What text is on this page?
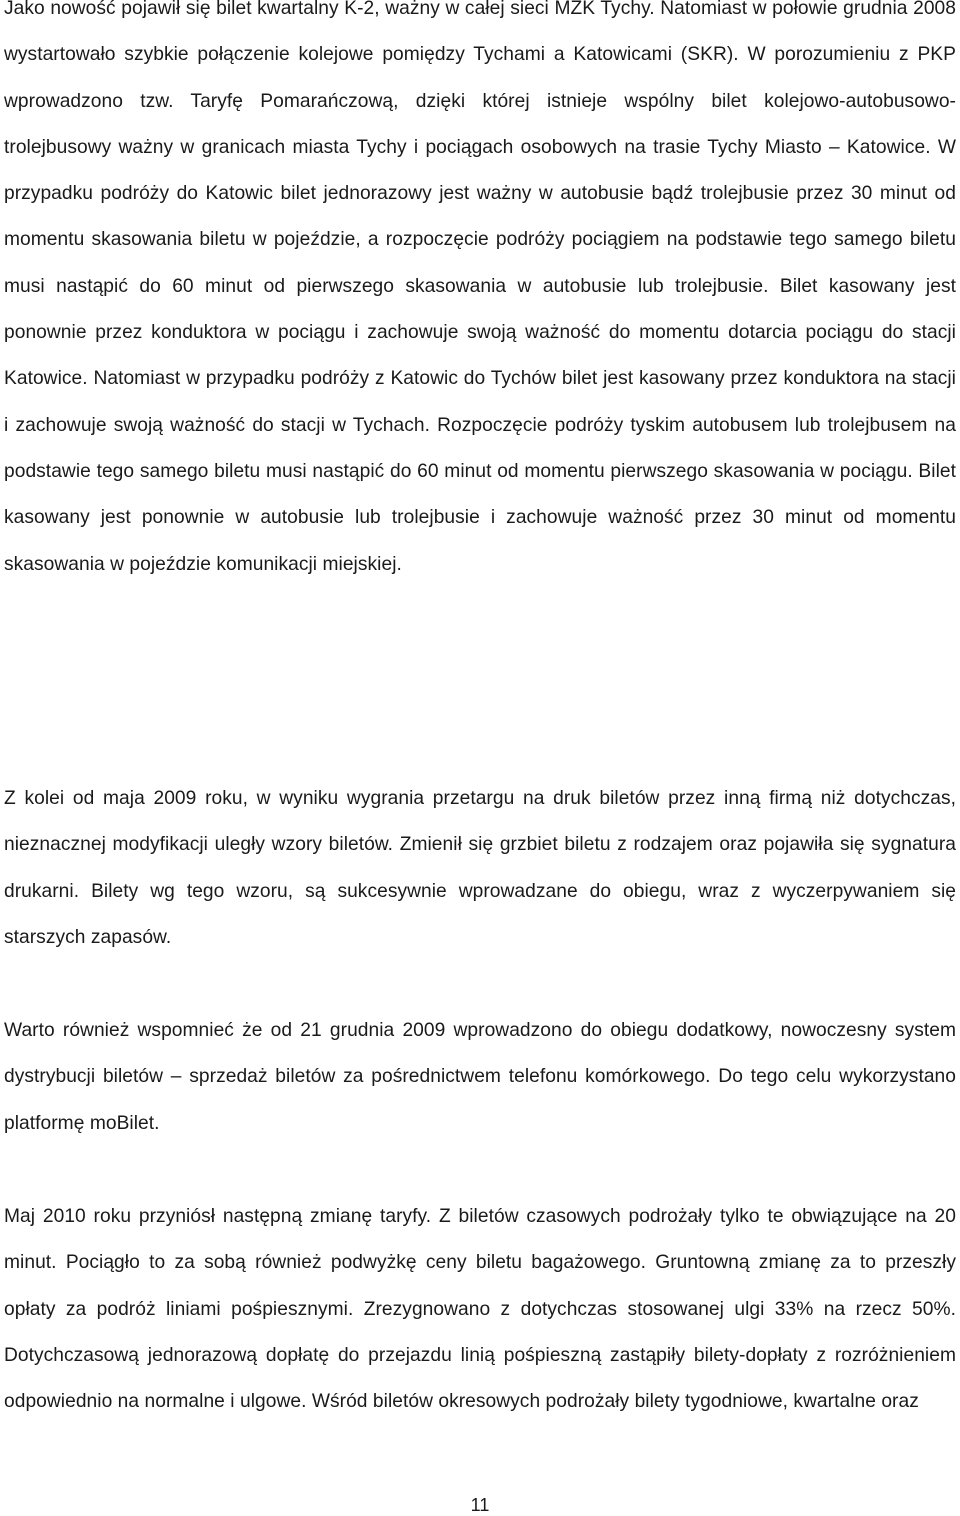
Jako nowość pojawił się bilet kwartalny K-2, ważny w całej sieci MZK Tychy. Natomiast w połowie grudnia 2008 wystartowało szybkie połączenie kolejowe pomiędzy Tychami a Katowicami (SKR). W porozumieniu z PKP wprowadzono tzw. Taryfę Pomarańczową, dzięki której istnieje wspólny bilet kolejowo-autobusowo-trolejbusowy ważny w granicach miasta Tychy i pociągach osobowych na trasie Tychy Miasto – Katowice. W przypadku podróży do Katowic bilet jednorazowy jest ważny w autobusie bądź trolejbusie przez 30 minut od momentu skasowania biletu w pojeździe, a rozpoczęcie podróży pociągiem na podstawie tego samego biletu musi nastąpić do 60 minut od pierwszego skasowania w autobusie lub trolejbusie. Bilet kasowany jest ponownie przez konduktora w pociągu i zachowuje swoją ważność do momentu dotarcia pociągu do stacji Katowice. Natomiast w przypadku podróży z Katowic do Tychów bilet jest kasowany przez konduktora na stacji i zachowuje swoją ważność do stacji w Tychach. Rozpoczęcie podróży tyskim autobusem lub trolejbusem na podstawie tego samego biletu musi nastąpić do 60 minut od momentu pierwszego skasowania w pociągu. Bilet kasowany jest ponownie w autobusie lub trolejbusie i zachowuje ważność przez 30 minut od momentu skasowania w pojeździe komunikacji miejskiej.

Z kolei od maja 2009 roku, w wyniku wygrania przetargu na druk biletów przez inną firmą niż dotychczas, nieznacznej modyfikacji uległy wzory biletów. Zmienił się grzbiet biletu z rodzajem oraz pojawiła się sygnatura drukarni. Bilety wg tego wzoru, są sukcesywnie wprowadzane do obiegu, wraz z wyczerpywaniem się starszych zapasów.

Warto również wspomnieć że od 21 grudnia 2009 wprowadzono do obiegu dodatkowy, nowoczesny system dystrybucji biletów – sprzedaż biletów za pośrednictwem telefonu komórkowego. Do tego celu wykorzystano platformę moBilet.

Maj 2010 roku przyniósł następną zmianę taryfy. Z biletów czasowych podrożały tylko te obwiązujące na 20 minut. Pociągło to za sobą również podwyżkę ceny biletu bagażowego. Gruntowną zmianę za to przeszły opłaty za podróż liniami pośpiesznymi. Zrezygnowano z dotychczas stosowanej ulgi 33% na rzecz 50%. Dotychczasową jednorazową dopłatę do przejazdu linią pośpieszną zastąpiły bilety-dopłaty z rozróżnieniem odpowiednio na normalne i ulgowe. Wśród biletów okresowych podrożały bilety tygodniowe, kwartalne oraz

11
